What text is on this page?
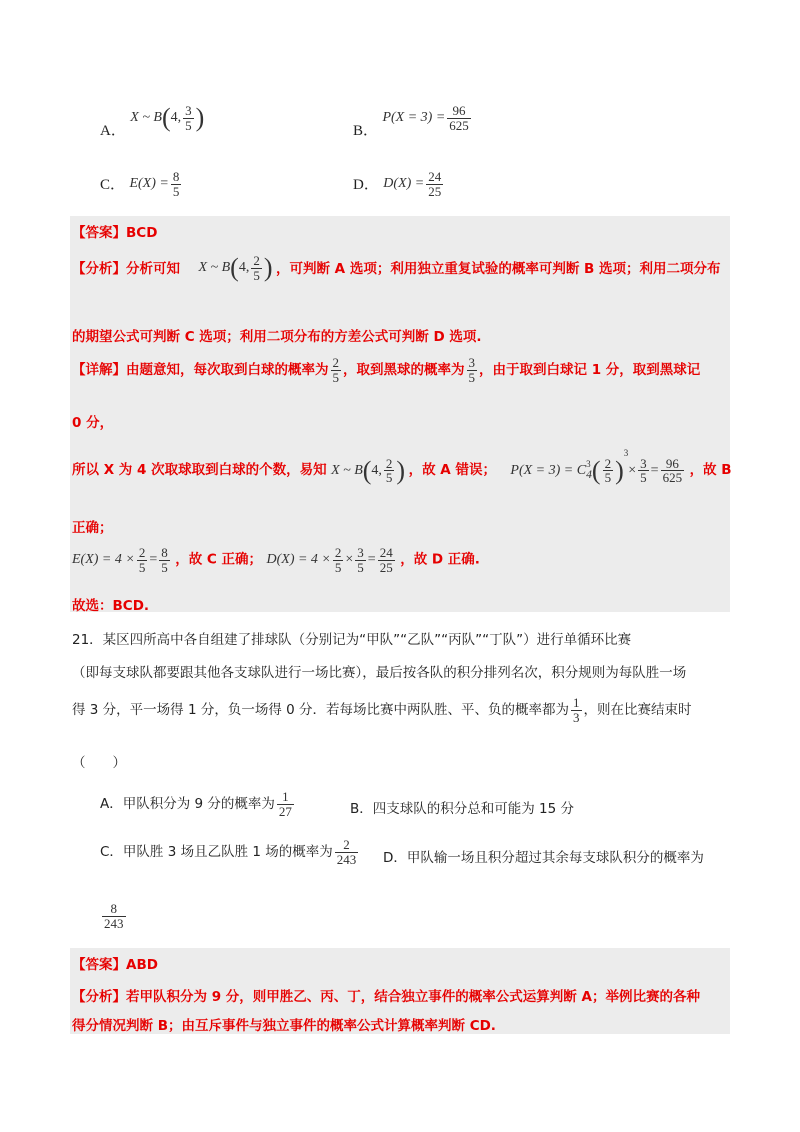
A． X ~ B(4, $\frac{3}{5}$ )	B． $P(X = 3) = \frac{96}{625}$
C． $E(X) = \frac{8}{5}$	D． $D(X) = \frac{24}{25}$
【答案】BCD
【分析】分析可知 X ~ B(4, $\frac{2}{5}$ ) ，可判断 A 选项；利用独立重复试验的概率可判断 B 选项；利用二项分布
的期望公式可判断 C 选项；利用二项分布的方差公式可判断 D 选项.
【详解】由题意知，每次取到白球的概率为 $\frac{2}{5}$ ，取到黑球的概率为 $\frac{3}{5}$ ，由于取到白球记 1 分，取到黑球记
0 分，
所以 X 为 4 次取球取到白球的个数，易知 X ~ B(4, $\frac{2}{5}$ ) ，故 A 错误； P(X = 3) = C 3
4 ( $\frac{2}{5} )^3\times \frac{3}{5} = \frac{96}{625}$ ，故 B
正确；
$E(X) = 4 \times \frac{2}{5} = \frac{8}{5}$ ，故 C 正确； $D(X) = 4 \times \frac{2}{5} \times \frac{3}{5} = \frac{24}{25}$ ，故 D 正确.
故选：BCD.
21．某区四所高中各自组建了排球队（分别记为“甲队”“乙队”“丙队”“丁队”）进行单循环比赛
（即每支球队都要跟其他各支球队进行一场比赛），最后按各队的积分排列名次，积分规则为每队胜一场
得 3 分，平一场得 1 分，负一场得 0 分．若每场比赛中两队胜、平、负的概率都为 $\frac{1}{3}$ ，则在比赛结束时
（　　）
A．甲队积分为 9 分的概率为 $\frac{1}{27}$	B．四支球队的积分总和可能为 15 分
C．甲队胜 3 场且乙队胜 1 场的概率为 $\frac{2}{243}$ D．甲队输一场且积分超过其余每支球队积分的概率为
$\frac{8}{243}$
【答案】ABD
【分析】若甲队积分为 9 分，则甲胜乙、丙、丁，结合独立事件的概率公式运算判断 A；举例比赛的各种
得分情况判断 B；由互斥事件与独立事件的概率公式计算概率判断 CD.
